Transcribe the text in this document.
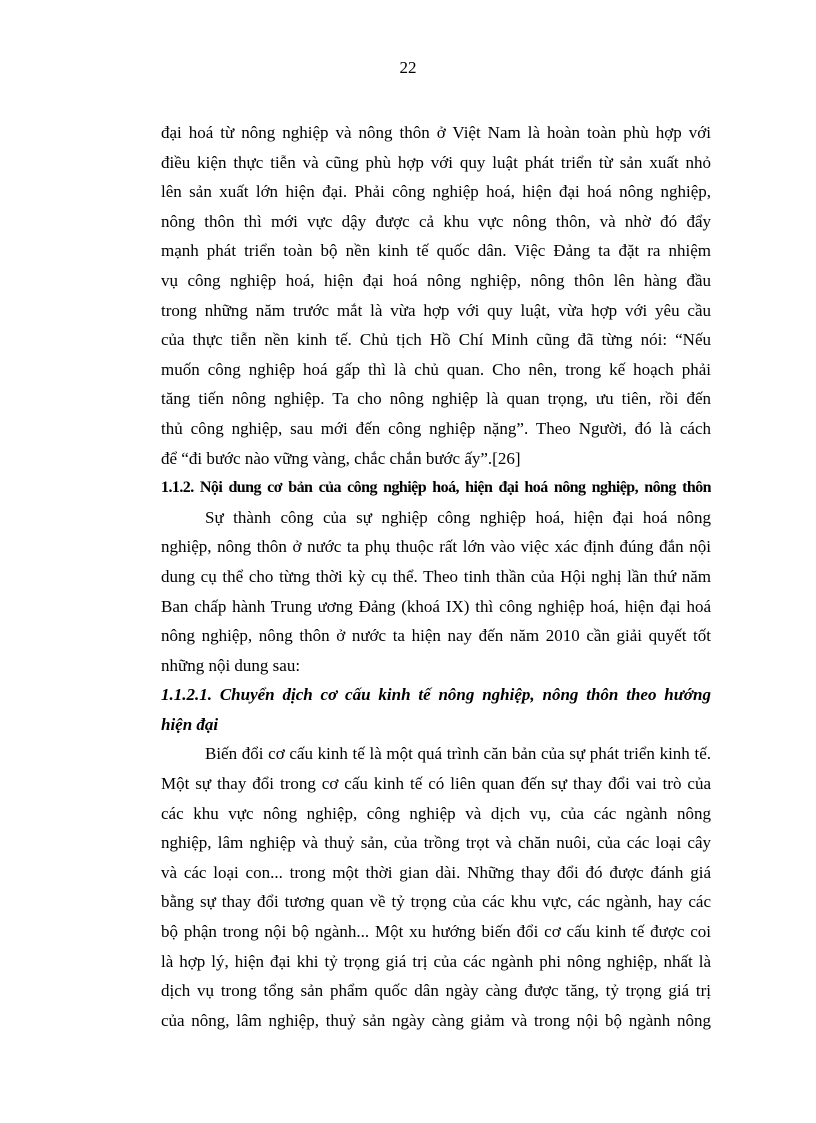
22
đại hoá từ nông nghiệp và nông thôn ở Việt Nam là hoàn toàn phù hợp với
điều kiện thực tiễn và cũng phù hợp với quy luật phát triển từ sản xuất nhỏ
lên sản xuất lớn hiện đại. Phải công nghiệp hoá, hiện đại hoá nông nghiệp,
nông thôn thì mới vực dậy được cả khu vực nông thôn, và nhờ đó đẩy
mạnh phát triển toàn bộ nền kinh tế quốc dân. Việc Đảng ta đặt ra nhiệm
vụ công nghiệp hoá, hiện đại hoá nông nghiệp, nông thôn lên hàng đầu
trong những năm trước mắt là vừa hợp với quy luật, vừa hợp với yêu cầu
của thực tiễn nền kinh tế. Chủ tịch Hồ Chí Minh cũng đã từng nói: “Nếu
muốn công nghiệp hoá gấp thì là chủ quan. Cho nên, trong kế hoạch phải
tăng tiến nông nghiệp. Ta cho nông nghiệp là quan trọng, ưu tiên, rồi đến
thủ công nghiệp, sau mới đến công nghiệp nặng”. Theo Người, đó là cách
để “đi bước nào vững vàng, chắc chắn bước ấy”.[26]
1.1.2. Nội dung cơ bản của công nghiệp hoá, hiện đại hoá nông nghiệp, nông thôn
Sự thành công của sự nghiệp công nghiệp hoá, hiện đại hoá nông
nghiệp, nông thôn ở nước ta phụ thuộc rất lớn vào việc xác định đúng đắn nội
dung cụ thể cho từng thời kỳ cụ thể. Theo tinh thần của Hội nghị lần thứ năm
Ban chấp hành Trung ương Đảng (khoá IX) thì công nghiệp hoá, hiện đại hoá
nông nghiệp, nông thôn ở nước ta hiện nay đến năm 2010 cần giải quyết tốt
những nội dung sau:
1.1.2.1. Chuyển dịch cơ cấu kinh tế nông nghiệp, nông thôn theo hướng
hiện đại
Biến đổi cơ cấu kinh tế là một quá trình căn bản của sự phát triển kinh tế.
Một sự thay đổi trong cơ cấu kinh tế có liên quan đến sự thay đổi vai trò của
các khu vực nông nghiệp, công nghiệp và dịch vụ, của các ngành nông
nghiệp, lâm nghiệp và thuỷ sản, của trồng trọt và chăn nuôi, của các loại cây
và các loại con... trong một thời gian dài. Những thay đổi đó được đánh giá
bằng sự thay đổi tương quan về tỷ trọng của các khu vực, các ngành, hay các
bộ phận trong nội bộ ngành... Một xu hướng biến đổi cơ cấu kinh tế được coi
là hợp lý, hiện đại khi tỷ trọng giá trị của các ngành phi nông nghiệp, nhất là
dịch vụ trong tổng sản phẩm quốc dân ngày càng được tăng, tỷ trọng giá trị
của nông, lâm nghiệp, thuỷ sản ngày càng giảm và trong nội bộ ngành nông
